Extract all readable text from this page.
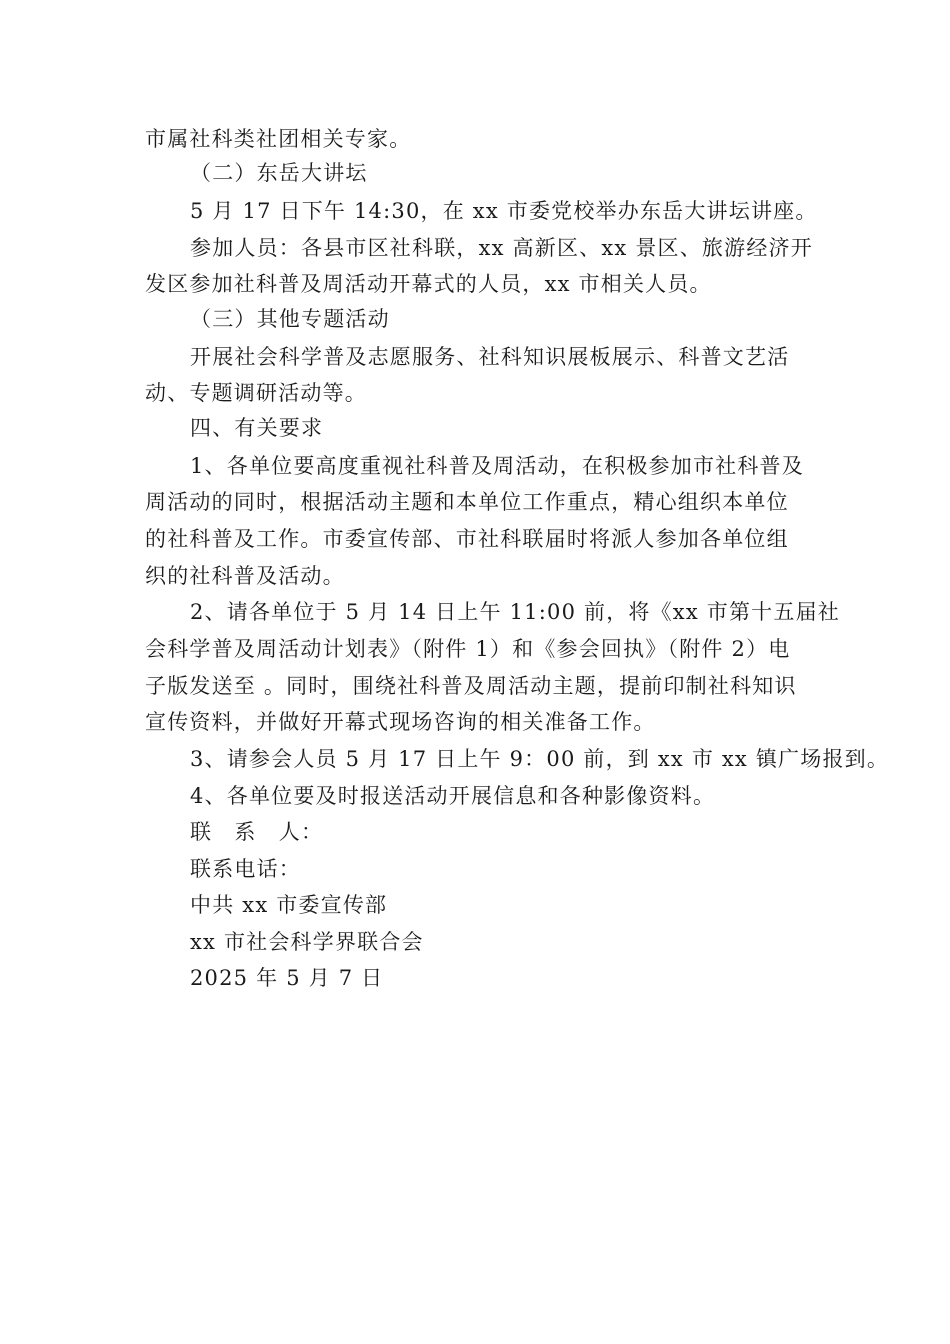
市属社科类社团相关专家。
（二）东岳大讲坛
5 月 17 日下午 14:30，在 xx 市委党校举办东岳大讲坛讲座。
参加人员：各县市区社科联，xx 高新区、xx 景区、旅游经济开
发区参加社科普及周活动开幕式的人员，xx 市相关人员。
（三）其他专题活动
开展社会科学普及志愿服务、社科知识展板展示、科普文艺活
动、专题调研活动等。
四、有关要求
1、各单位要高度重视社科普及周活动，在积极参加市社科普及
周活动的同时，根据活动主题和本单位工作重点，精心组织本单位
的社科普及工作。市委宣传部、市社科联届时将派人参加各单位组
织的社科普及活动。
2、请各单位于 5 月 14 日上午 11:00 前，将《xx 市第十五届社
会科学普及周活动计划表》（附件 1）和《参会回执》（附件 2）电
子版发送至 。同时，围绕社科普及周活动主题，提前印制社科知识
宣传资料，并做好开幕式现场咨询的相关准备工作。
3、请参会人员 5 月 17 日上午 9：00 前，到 xx 市 xx 镇广场报到。
4、各单位要及时报送活动开展信息和各种影像资料。
联　系　人：
联系电话：
中共 xx 市委宣传部
xx 市社会科学界联合会
2025 年 5 月 7 日
